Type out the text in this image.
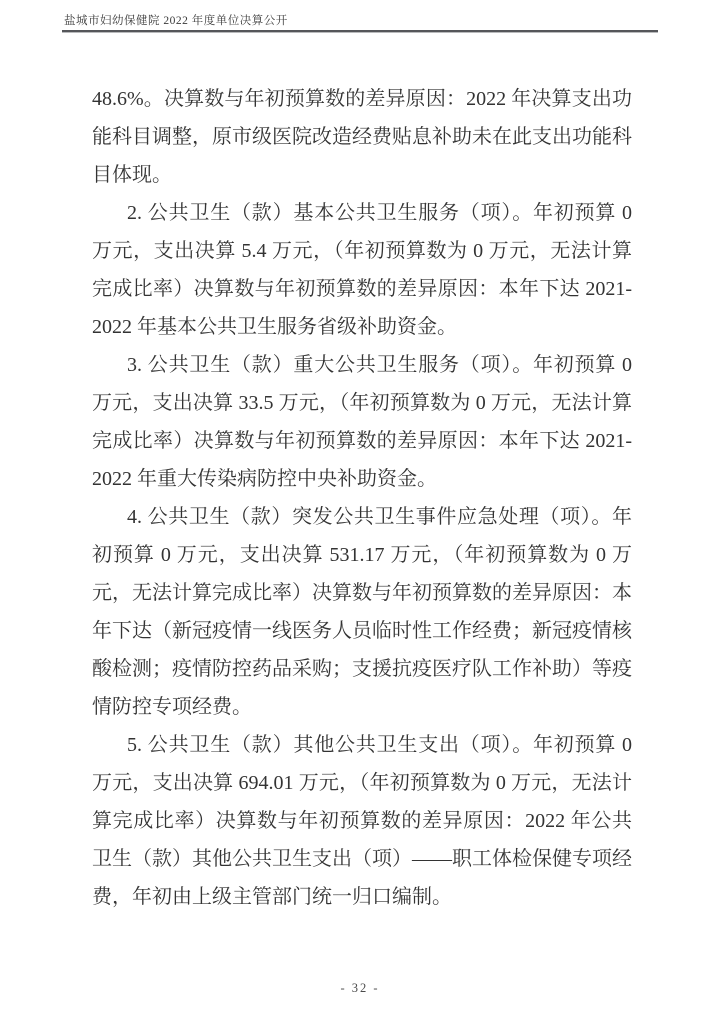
盐城市妇幼保健院 2022 年度单位决算公开

48.6%。决算数与年初预算数的差异原因：2022 年决算支出功能科目调整，原市级医院改造经费贴息补助未在此支出功能科目体现。

2. 公共卫生（款）基本公共卫生服务（项）。年初预算 0 万元，支出决算 5.4 万元，（年初预算数为 0 万元，无法计算完成比率）决算数与年初预算数的差异原因：本年下达 2021-2022 年基本公共卫生服务省级补助资金。

3. 公共卫生（款）重大公共卫生服务（项）。年初预算 0 万元，支出决算 33.5 万元，（年初预算数为 0 万元，无法计算完成比率）决算数与年初预算数的差异原因：本年下达 2021-2022 年重大传染病防控中央补助资金。

4. 公共卫生（款）突发公共卫生事件应急处理（项）。年初预算 0 万元，支出决算 531.17 万元，（年初预算数为 0 万元，无法计算完成比率）决算数与年初预算数的差异原因：本年下达（新冠疫情一线医务人员临时性工作经费；新冠疫情核酸检测；疫情防控药品采购；支援抗疫医疗队工作补助）等疫情防控专项经费。

5. 公共卫生（款）其他公共卫生支出（项）。年初预算 0 万元，支出决算 694.01 万元，（年初预算数为 0 万元，无法计算完成比率）决算数与年初预算数的差异原因：2022 年公共卫生（款）其他公共卫生支出（项）——职工体检保健专项经费，年初由上级主管部门统一归口编制。

- 32 -
